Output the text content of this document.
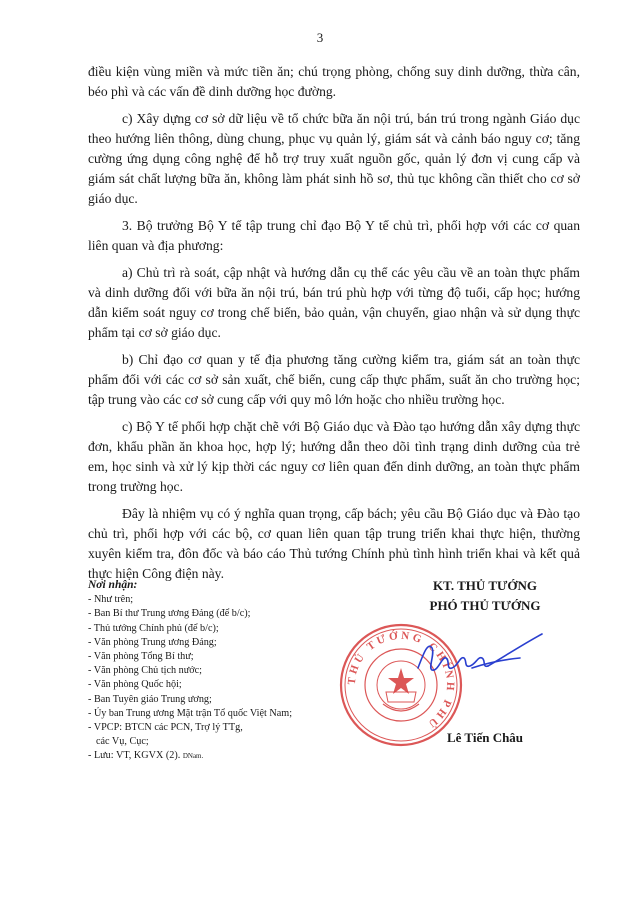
3

điều kiện vùng miền và mức tiền ăn; chú trọng phòng, chống suy dinh dưỡng, thừa cân, béo phì và các vấn đề dinh dưỡng học đường.

c) Xây dựng cơ sở dữ liệu về tổ chức bữa ăn nội trú, bán trú trong ngành Giáo dục theo hướng liên thông, dùng chung, phục vụ quản lý, giám sát và cảnh báo nguy cơ; tăng cường ứng dụng công nghệ để hỗ trợ truy xuất nguồn gốc, quản lý đơn vị cung cấp và giám sát chất lượng bữa ăn, không làm phát sinh hồ sơ, thủ tục không cần thiết cho cơ sở giáo dục.

3. Bộ trưởng Bộ Y tế tập trung chỉ đạo Bộ Y tế chủ trì, phối hợp với các cơ quan liên quan và địa phương:

a) Chủ trì rà soát, cập nhật và hướng dẫn cụ thể các yêu cầu về an toàn thực phẩm và dinh dưỡng đối với bữa ăn nội trú, bán trú phù hợp với từng độ tuổi, cấp học; hướng dẫn kiểm soát nguy cơ trong chế biến, bảo quản, vận chuyển, giao nhận và sử dụng thực phẩm tại cơ sở giáo dục.

b) Chỉ đạo cơ quan y tế địa phương tăng cường kiểm tra, giám sát an toàn thực phẩm đối với các cơ sở sản xuất, chế biến, cung cấp thực phẩm, suất ăn cho trường học; tập trung vào các cơ sở cung cấp với quy mô lớn hoặc cho nhiều trường học.

c) Bộ Y tế phối hợp chặt chẽ với Bộ Giáo dục và Đào tạo hướng dẫn xây dựng thực đơn, khẩu phần ăn khoa học, hợp lý; hướng dẫn theo dõi tình trạng dinh dưỡng của trẻ em, học sinh và xử lý kịp thời các nguy cơ liên quan đến dinh dưỡng, an toàn thực phẩm trong trường học.

Đây là nhiệm vụ có ý nghĩa quan trọng, cấp bách; yêu cầu Bộ Giáo dục và Đào tạo chủ trì, phối hợp với các bộ, cơ quan liên quan tập trung triển khai thực hiện, thường xuyên kiểm tra, đôn đốc và báo cáo Thủ tướng Chính phủ tình hình triển khai và kết quả thực hiện Công điện này.

Nơi nhận:
- Như trên;
- Ban Bí thư Trung ương Đảng (để b/c);
- Thủ tướng Chính phủ (để b/c);
- Văn phòng Trung ương Đảng;
- Văn phòng Tổng Bí thư;
- Văn phòng Chủ tịch nước;
- Văn phòng Quốc hội;
- Ban Tuyên giáo Trung ương;
- Ủy ban Trung ương Mặt trận Tổ quốc Việt Nam;
- VPCP: BTCN các PCN, Trợ lý TTg,
các Vụ, Cục;
- Lưu: VT, KGVX (2). DNam.
KT. THỦ TƯỚNG
PHÓ THỦ TƯỚNG
THỦ TƯỚNG CHÍNH PHỦ
Lê Tiến Châu
